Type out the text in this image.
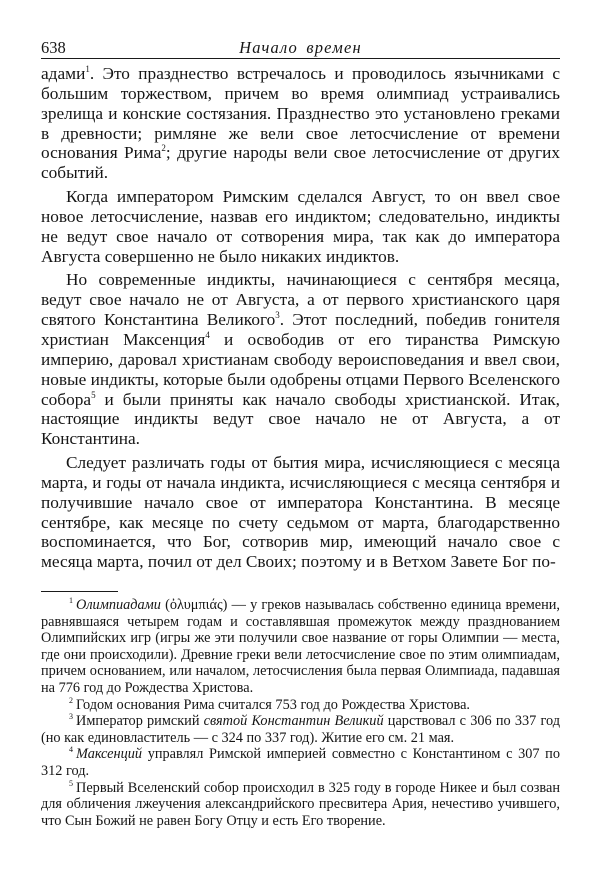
638	Начало времен

адами$^1$. Это празднество встречалось и проводилось язычниками с большим торжеством, причем во время олимпиад устраивались зрелища и конские состязания. Празднество это установлено греками в древности; римляне же вели свое летосчисление от времени основания Рима$^2$; другие народы вели свое летосчисление от других событий.

Когда императором Римским сделался Август, то он ввел свое новое летосчисление, назвав его индиктом; следовательно, индикты не ведут свое начало от сотворения мира, так как до императора Августа совершенно не было никаких индиктов.

Но современные индикты, начинающиеся с сентября месяца, ведут свое начало не от Августа, а от первого христианского царя святого Константина Великого$^3$. Этот последний, победив гонителя христиан Максенция$^4$ и освободив от его тиранства Римскую империю, даровал христианам свободу вероисповедания и ввел свои, новые индикты, которые были одобрены отцами Первого Вселенского собора$^5$ и были приняты как начало свободы христианской. Итак, настоящие индикты ведут свое начало не от Августа, а от Константина.

Следует различать годы от бытия мира, исчисляющиеся с месяца марта, и годы от начала индикта, исчисляющиеся с месяца сентября и получившие начало свое от императора Константина. В месяце сентябре, как месяце по счету седьмом от марта, благодарственно воспоминается, что Бог, сотворив мир, имеющий начало свое с месяца марта, почил от дел Своих; поэтому и в Ветхом Завете Бог по-

$^1$ Олимпиадами (ὀλυμπιάς) — у греков называлась собственно единица времени, равнявшаяся четырем годам и составлявшая промежуток между празднованием Олимпийских игр (игры же эти получили свое название от горы Олимпии — места, где они происходили). Древние греки вели летосчисление свое по этим олимпиадам, причем основанием, или началом, летосчисления была первая Олимпиада, падавшая на 776 год до Рождества Христова.

$^2$ Годом основания Рима считался 753 год до Рождества Христова.

$^3$ Император римский святой Константин Великий царствовал с 306 по 337 год (но как единовластитель — с 324 по 337 год). Житие его см. 21 мая.

$^4$ Максенций управлял Римской империей совместно с Константином с 307 по 312 год.

$^5$ Первый Вселенский собор происходил в 325 году в городе Никее и был созван для обличения лжеучения александрийского пресвитера Ария, нечестиво учившего, что Сын Божий не равен Богу Отцу и есть Его творение.
